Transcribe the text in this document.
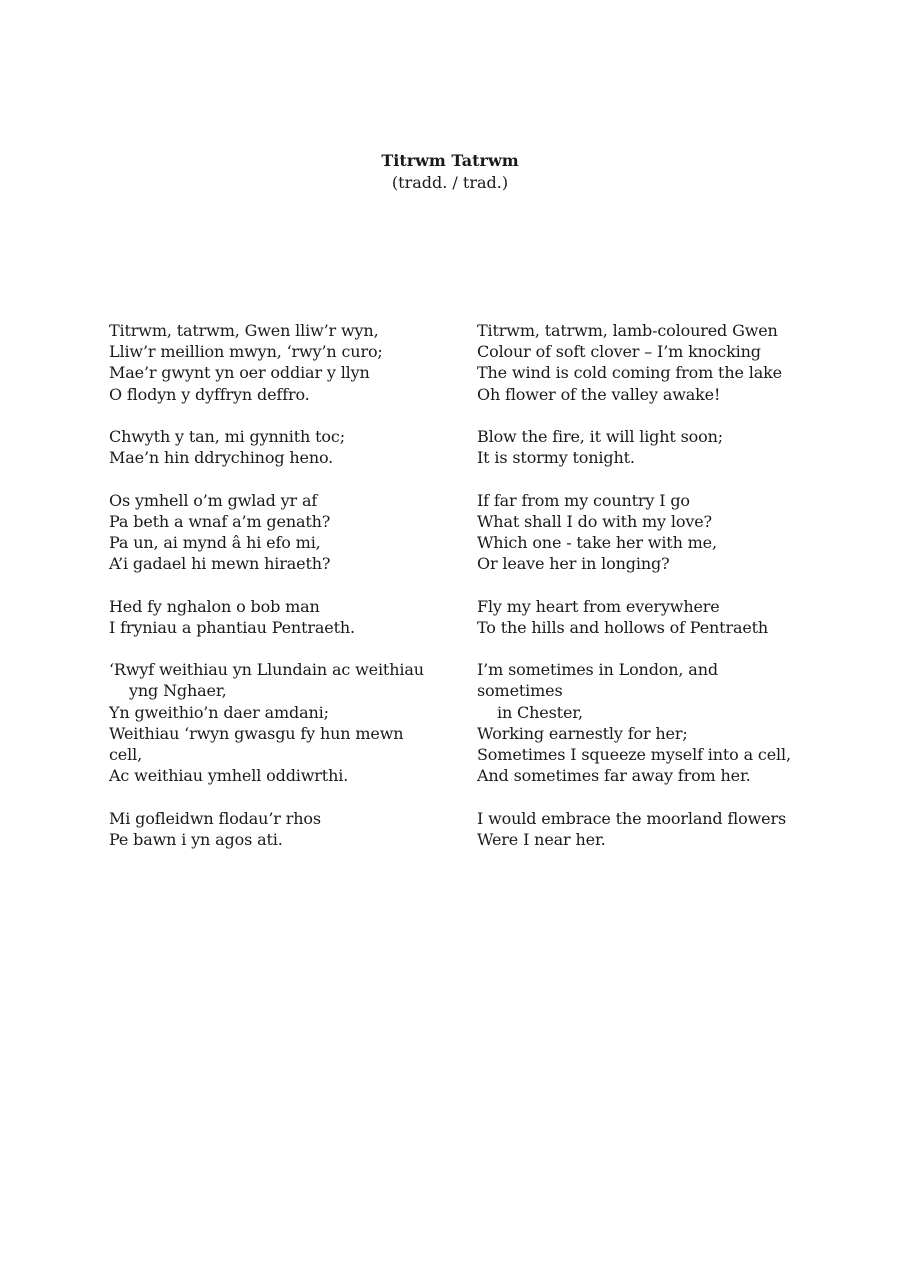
Titrwm Tatrwm
(tradd. / trad.)
Titrwm, tatrwm, Gwen lliw’r wyn,
Lliw’r meillion mwyn, ‘rwy’n curo;
Mae’r gwynt yn oer oddiar y llyn
O flodyn y dyffryn deffro.
Chwyth y tan, mi gynnith toc;
Mae’n hin ddrychinog heno.
Os ymhell o’m gwlad yr af
Pa beth a wnaf a’m genath?
Pa un, ai mynd â hi efo mi,
A’i gadael hi mewn hiraeth?
Hed fy nghalon o bob man
I fryniau a phantiau Pentraeth.
‘Rwyf weithiau yn Llundain ac weithiau
yng Nghaer,
Yn gweithio’n daer amdani;
Weithiau ‘rwyn gwasgu fy hun mewn
cell,
Ac weithiau ymhell oddiwrthi.
Mi gofleidwn flodau’r rhos
Pe bawn i yn agos ati.
Titrwm, tatrwm, lamb-coloured Gwen
Colour of soft clover – I’m knocking
The wind is cold coming from the lake
Oh flower of the valley awake!
Blow the fire, it will light soon;
It is stormy tonight.
If far from my country I go
What shall I do with my love?
Which one - take her with me,
Or leave her in longing?
Fly my heart from everywhere
To the hills and hollows of Pentraeth
I’m sometimes in London, and
sometimes
in Chester,
Working earnestly for her;
Sometimes I squeeze myself into a cell,
And sometimes far away from her.
I would embrace the moorland flowers
Were I near her.
